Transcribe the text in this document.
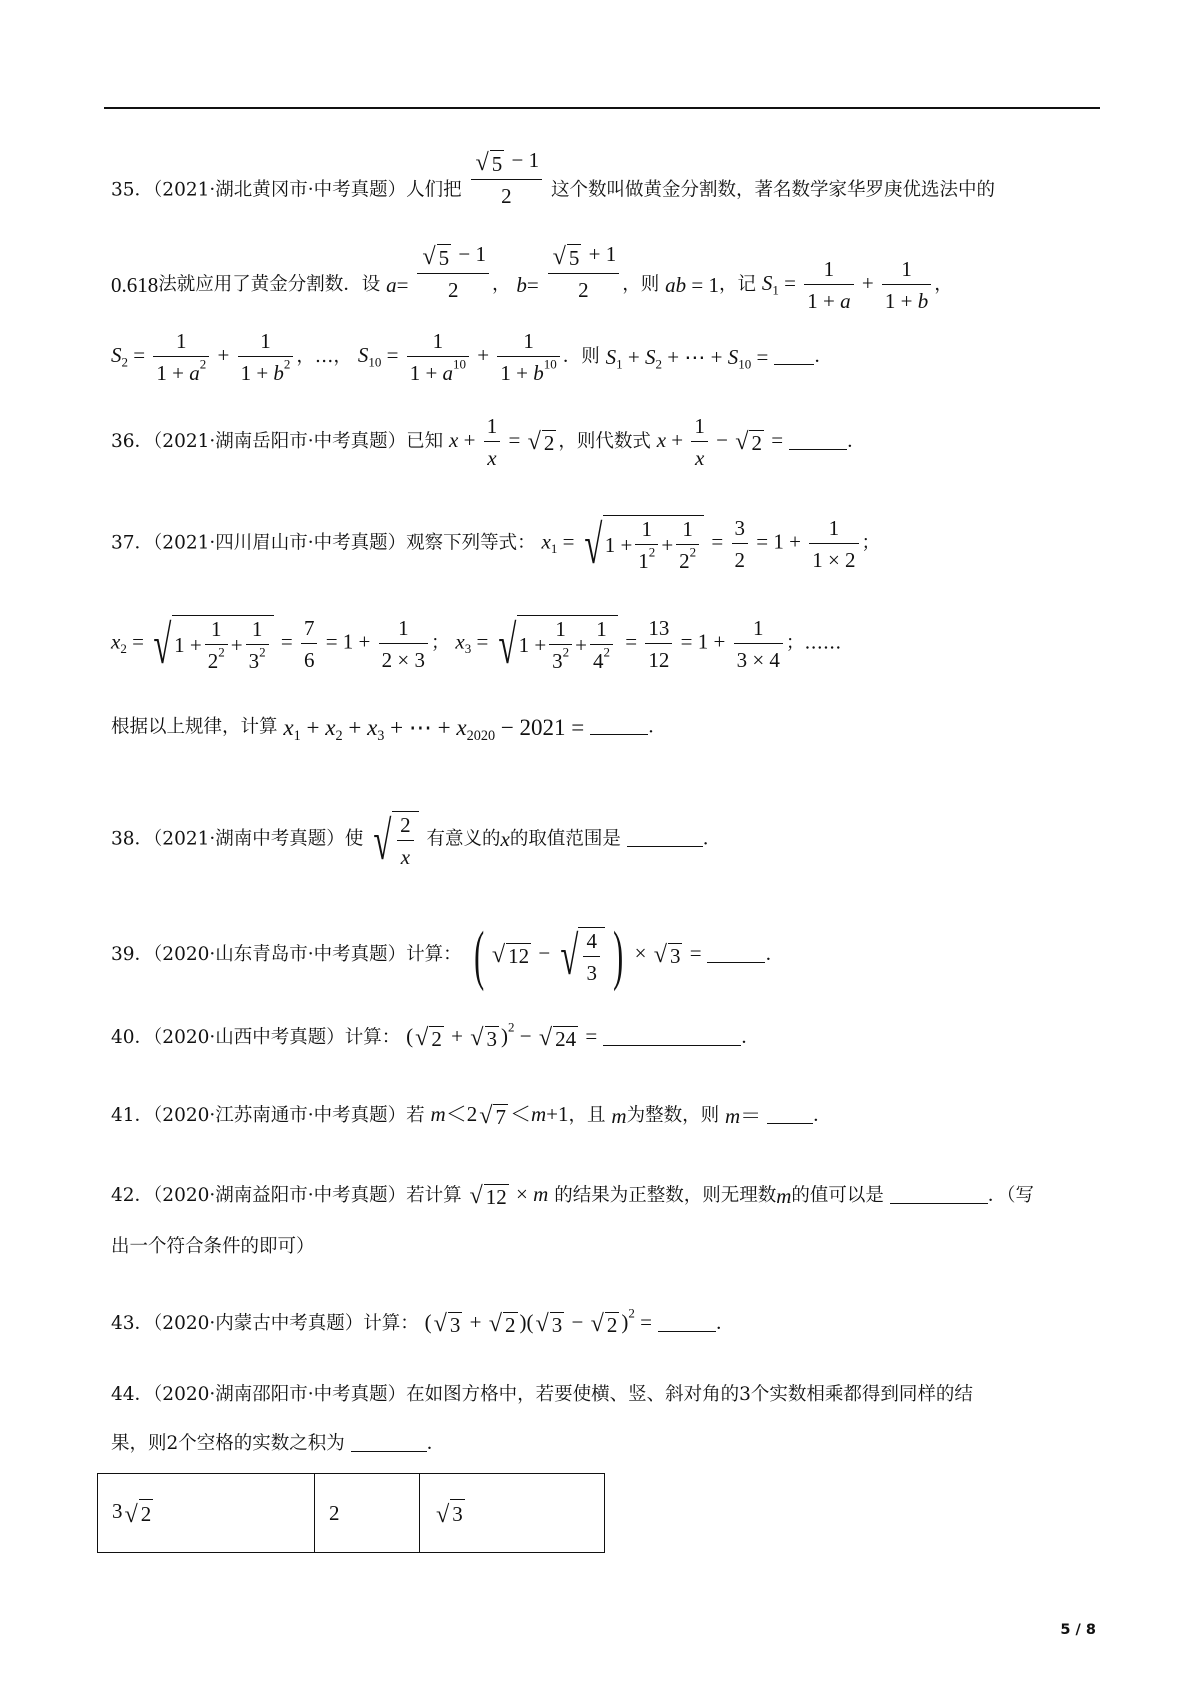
35．（2021·湖北黄冈市·中考真题）人们把 $\frac{√ 5 - 1}{2}$ 这个数叫做黄金分割数，著名数学家华罗庚优选法中的
0.618法就应用了黄金分割数．设 $a= \frac{√ 5 - 1}{2}$ ， $b= \frac{√ 5 + 1}{2}$ ，则 ab = 1，记 $S_1 = \frac{1}{1 + a} + \frac{1}{1 + b}$ ，
$S_2 = \frac{1}{1 + a^2} + \frac{1}{1 + b^2}$ ，…， $S_{10} = \frac{1}{1 + a^{10}} + \frac{1}{1 + b^{10}}$ ．则 $S_1 + S_2$ + ⋯ + $S_{10}$ = ．
36．（2021·湖南岳阳市·中考真题）已知 $x + \frac{1}{x}$ = √ 2 ，则代数式 $x + \frac{1}{x}$ − √ 2 =	．
37．（2021·四川眉山市·中考真题）观察下列等式： $x_1$ = √ 1 +
1
$1^2$ +
1
$2^2 = \frac{3}{2} = 1 + \frac{1}{1 \times 2}$ ；
$x_2$ = √ 1 +
1
$2^2$ +
1
$3^2 = \frac{7}{6} = 1 + \frac{1}{2 \times 3}$ ； $x_3$ = √ 1 +
1
$3^2$ +
1
$4^2 = \frac{13}{12} = 1 + \frac{1}{3 \times 4}$ ；……
根据以上规律，计算 $x_1 + x_2 + x_3$ + ⋯ + $x_{2020} - 2021$ =	．
38．（2021·湖南中考真题）使 √ 2
x
有意义的x的取值范围是	．
39．（2020·山东青岛市·中考真题）计算： ( √ 12 − √ 4
3 ) × √ 3 =	．
40．（2020·山西中考真题）计算： ( √ 2 + √ 3 )$^2$ − √ 24 =	．
41．（2020·江苏南通市·中考真题）若 m＜2 √ 7 ＜m+1，且 m为整数，则 m＝	．
42．（2020·湖南益阳市·中考真题）若计算 √ 12 × m 的结果为正整数，则无理数m的值可以是	．（写
出一个符合条件的即可）
43．（2020·内蒙古中考真题）计算： ( √ 3 + √ 2 )( √ 3 − √ 2 )$^2$ =	．
44．（2020·湖南邵阳市·中考真题）在如图方格中，若要使横、竖、斜对角的3个实数相乘都得到同样的结
果，则2个空格的实数之积为	．
3 √ 2	2	√ 3
5 / 8
